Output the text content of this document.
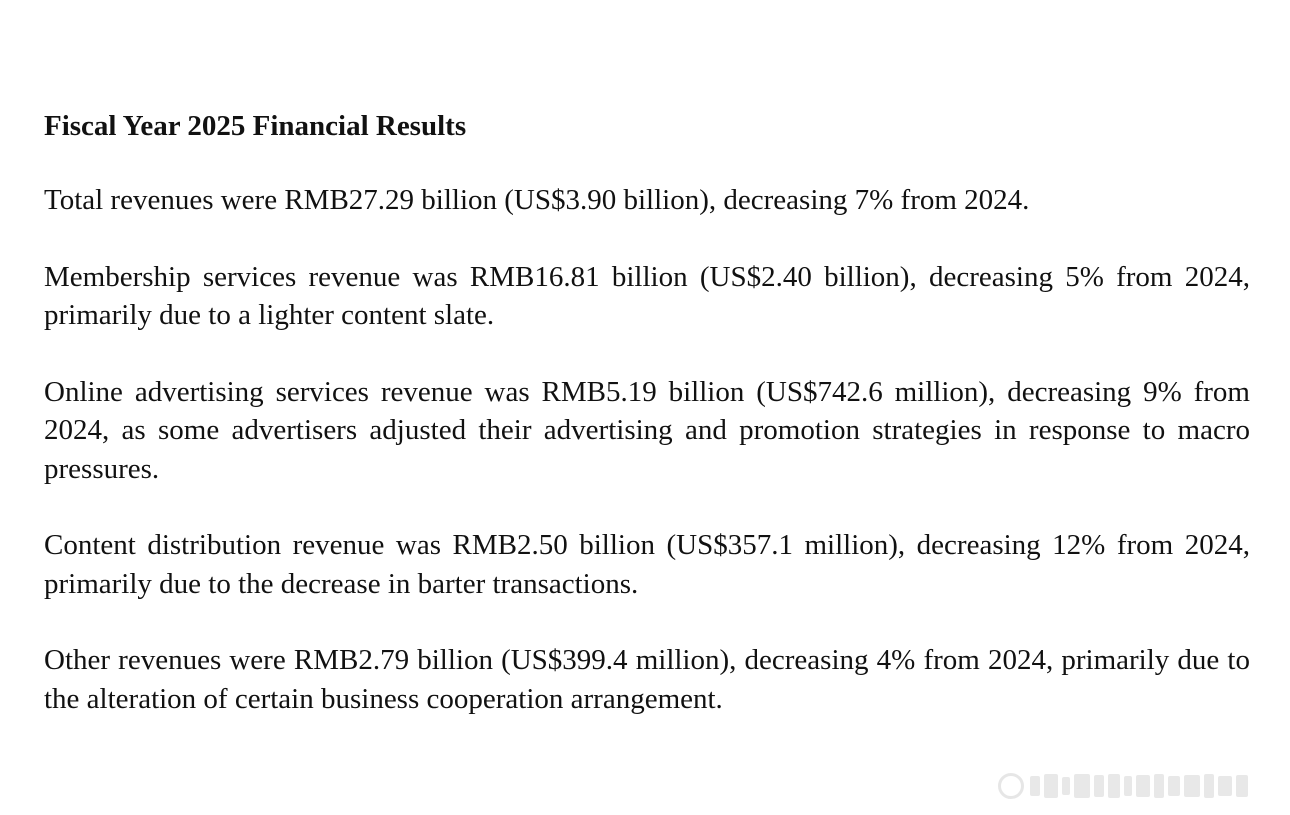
Fiscal Year 2025 Financial Results

Total revenues were RMB27.29 billion (US$3.90 billion), decreasing 7% from 2024.

Membership services revenue was RMB16.81 billion (US$2.40 billion), decreasing 5% from 2024, primarily due to a lighter content slate.

Online advertising services revenue was RMB5.19 billion (US$742.6 million), decreasing 9% from 2024, as some advertisers adjusted their advertising and promotion strategies in response to macro pressures.

Content distribution revenue was RMB2.50 billion (US$357.1 million), decreasing 12% from 2024, primarily due to the decrease in barter transactions.

Other revenues were RMB2.79 billion (US$399.4 million), decreasing 4% from 2024, primarily due to the alteration of certain business cooperation arrangement.
